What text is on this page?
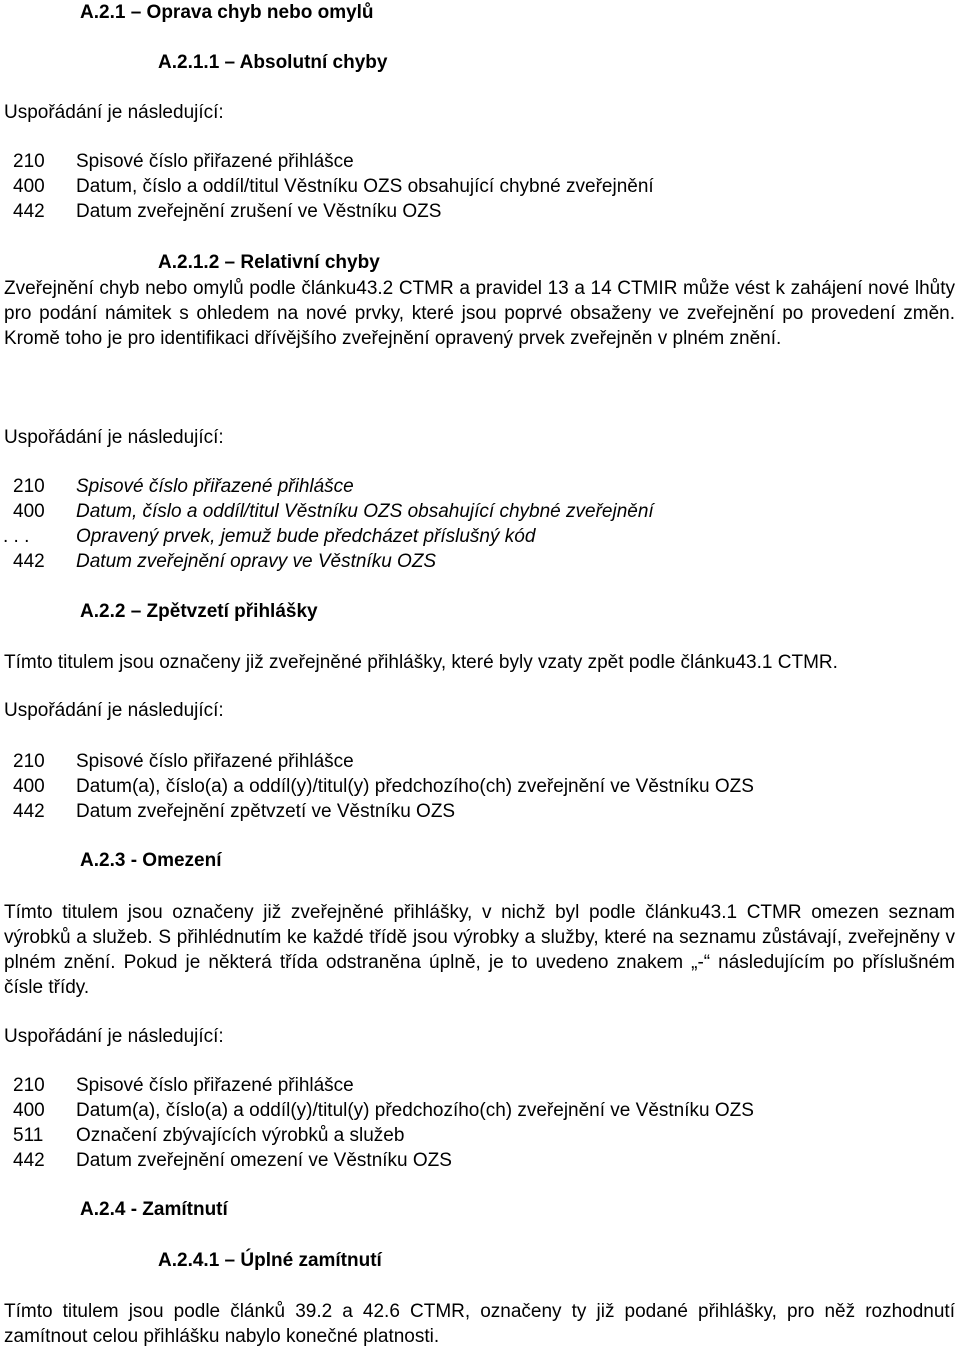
A.2.1 – Oprava chyb nebo omylů
A.2.1.1 – Absolutní chyby
Uspořádání je následující:
210	Spisové číslo přiřazené přihlášce
400	Datum, číslo a oddíl/titul Věstníku OZS obsahující chybné zveřejnění
442	Datum zveřejnění zrušení ve Věstníku OZS
A.2.1.2 – Relativní chyby
Zveřejnění chyb nebo omylů podle článku43.2 CTMR a pravidel 13 a 14 CTMIR může vést k zahájení nové lhůty pro podání námitek s ohledem na nové prvky, které jsou poprvé obsaženy ve zveřejnění po provedení změn. Kromě toho je pro identifikaci dřívějšího zveřejnění opravený prvek zveřejněn v plném znění.
Uspořádání je následující:
210	Spisové číslo přiřazené přihlášce
400	Datum, číslo a oddíl/titul Věstníku OZS obsahující chybné zveřejnění
. . .	Opravený prvek, jemuž bude předcházet příslušný kód
442	Datum zveřejnění opravy ve Věstníku OZS
A.2.2 – Zpětvzetí přihlášky
Tímto titulem jsou označeny již zveřejněné přihlášky, které byly vzaty zpět podle článku43.1 CTMR.
Uspořádání je následující:
210	Spisové číslo přiřazené přihlášce
400	Datum(a), číslo(a) a oddíl(y)/titul(y) předchozího(ch) zveřejnění ve Věstníku OZS
442	Datum zveřejnění zpětvzetí ve Věstníku OZS
A.2.3 - Omezení
Tímto titulem jsou označeny již zveřejněné přihlášky, v nichž byl podle článku43.1 CTMR omezen seznam výrobků a služeb. S přihlédnutím ke každé třídě jsou výrobky a služby, které na seznamu zůstávají, zveřejněny v plném znění. Pokud je některá třída odstraněna úplně, je to uvedeno znakem „-“ následujícím po příslušném čísle třídy.
Uspořádání je následující:
210	Spisové číslo přiřazené přihlášce
400	Datum(a), číslo(a) a oddíl(y)/titul(y) předchozího(ch) zveřejnění ve Věstníku OZS
511	Označení zbývajících výrobků a služeb
442	Datum zveřejnění omezení ve Věstníku OZS
A.2.4 - Zamítnutí
A.2.4.1 – Úplné zamítnutí
Tímto titulem jsou podle článků 39.2 a 42.6 CTMR, označeny ty již podané přihlášky, pro něž rozhodnutí zamítnout celou přihlášku nabylo konečné platnosti.
